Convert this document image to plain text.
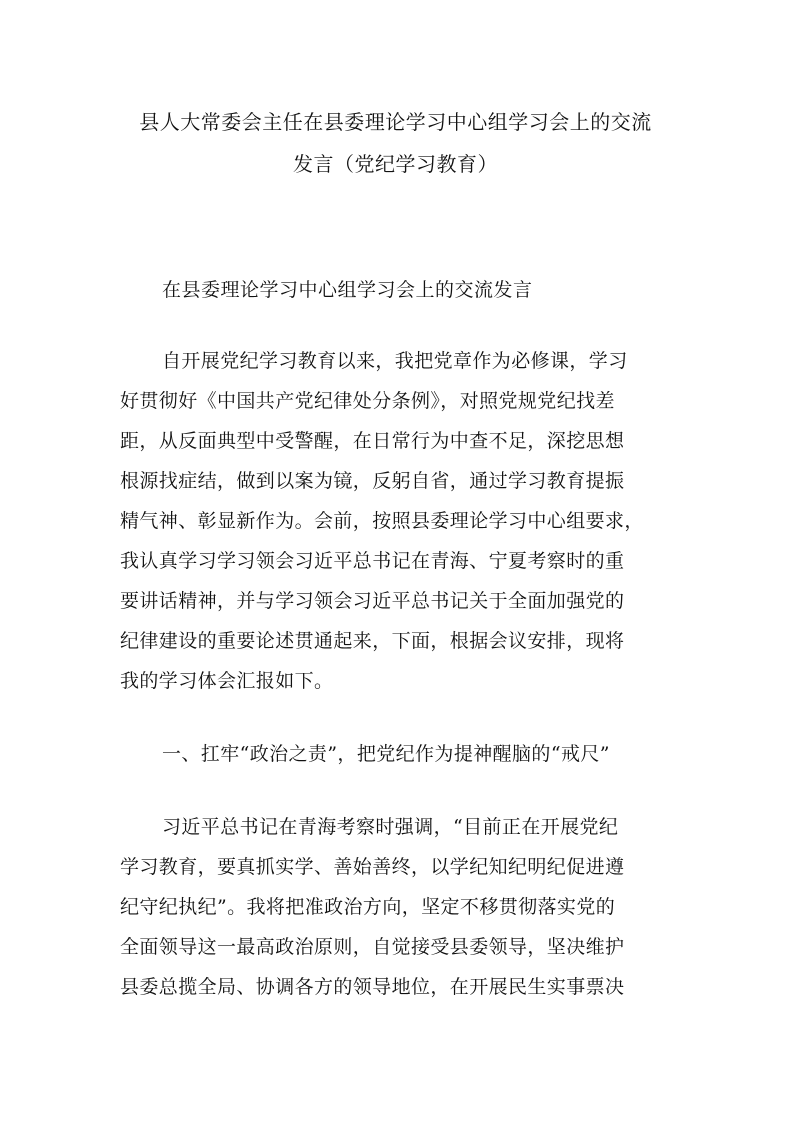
县人大常委会主任在县委理论学习中心组学习会上的交流
发言（党纪学习教育）
在县委理论学习中心组学习会上的交流发言

自开展党纪学习教育以来，我把党章作为必修课，学习
好贯彻好《中国共产党纪律处分条例》，对照党规党纪找差
距，从反面典型中受警醒，在日常行为中查不足，深挖思想
根源找症结，做到以案为镜，反躬自省，通过学习教育提振
精气神、彰显新作为。会前，按照县委理论学习中心组要求，
我认真学习学习领会习近平总书记在青海、宁夏考察时的重
要讲话精神，并与学习领会习近平总书记关于全面加强党的
纪律建设的重要论述贯通起来，下面，根据会议安排，现将
我的学习体会汇报如下。

一、扛牢“政治之责”，把党纪作为提神醒脑的“戒尺”

习近平总书记在青海考察时强调，“目前正在开展党纪
学习教育，要真抓实学、善始善终，以学纪知纪明纪促进遵
纪守纪执纪”。我将把准政治方向，坚定不移贯彻落实党的
全面领导这一最高政治原则，自觉接受县委领导，坚决维护
县委总揽全局、协调各方的领导地位，在开展民生实事票决
